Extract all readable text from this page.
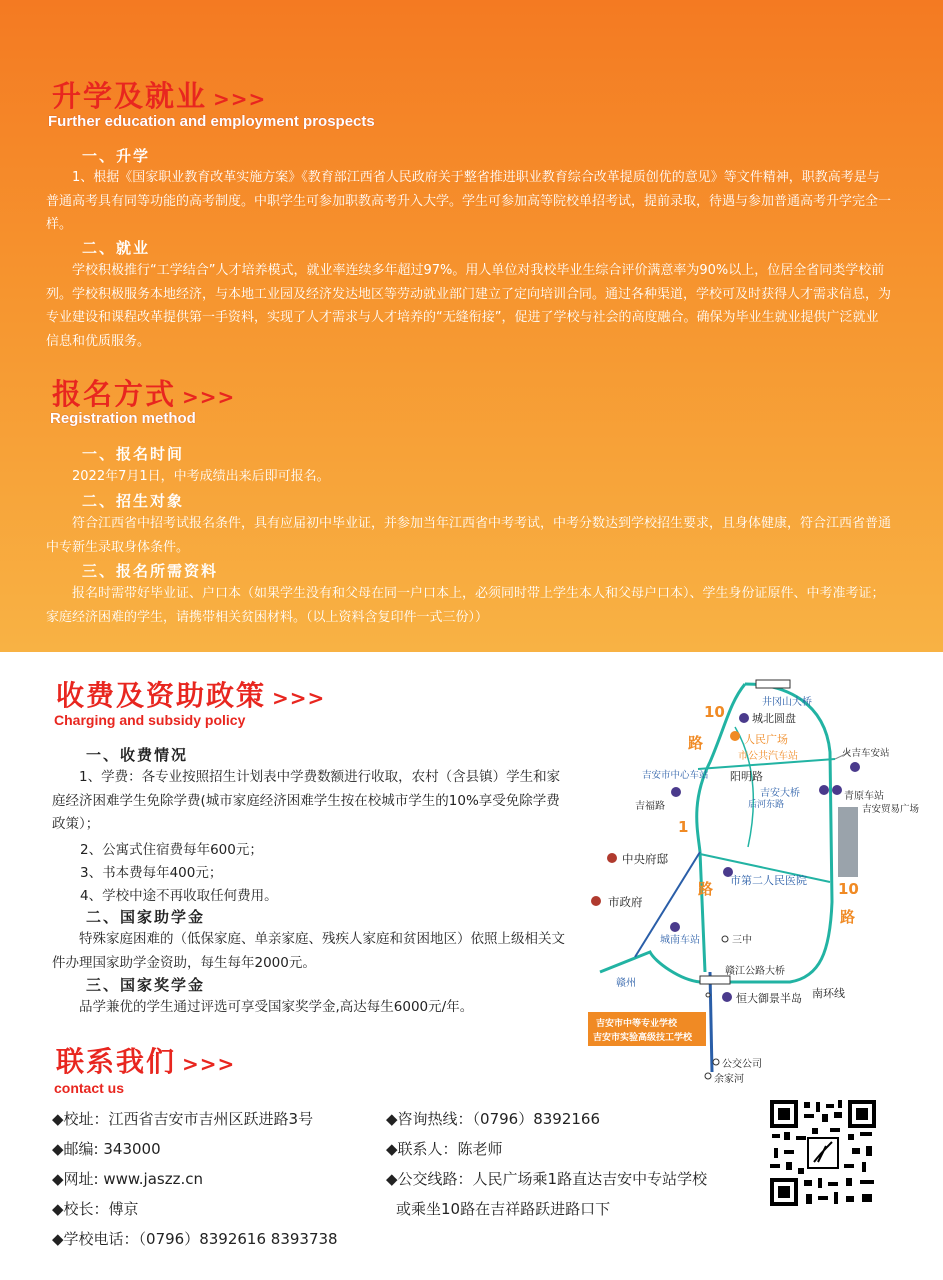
升学及就业 >>>
Further education and employment prospects
一、升学
1、根据《国家职业教育改革实施方案》《教育部江西省人民政府关于整省推进职业教育综合改革提质创优的意见》等文件精神，职教高考是与普通高考具有同等功能的高考制度。中职学生可参加职教高考升入大学。学生可参加高等院校单招考试，提前录取，待遇与参加普通高考升学完全一样。
二、就业
学校积极推行“工学结合”人才培养模式，就业率连续多年超过97%。用人单位对我校毕业生综合评价满意率为90%以上，位居全省同类学校前列。学校积极服务本地经济，与本地工业园及经济发达地区等劳动就业部门建立了定向培训合同。通过各种渠道，学校可及时获得人才需求信息，为专业建设和课程改革提供第一手资料，实现了人才需求与人才培养的“无缝衔接”，促进了学校与社会的高度融合。确保为毕业生就业提供广泛就业信息和优质服务。
报名方式 >>>
Registration method
一、报名时间
2022年7月1日，中考成绩出来后即可报名。
二、招生对象
符合江西省中招考试报名条件，具有应届初中毕业证，并参加当年江西省中考考试，中考分数达到学校招生要求，且身体健康，符合江西省普通中专新生录取身体条件。
三、报名所需资料
报名时需带好毕业证、户口本（如果学生没有和父母在同一户口本上，必须同时带上学生本人和父母户口本）、学生身份证原件、中考准考证；家庭经济困难的学生，请携带相关贫困材料。（以上资料含复印件一式三份））
收费及资助政策 >>>
Charging and subsidy policy
一、收费情况
1、学费：各专业按照招生计划表中学费数额进行收取，农村（含县镇）学生和家庭经济困难学生免除学费(城市家庭经济困难学生按在校城市学生的10%享受免除学费政策）；
2、公寓式住宿费每年600元；
3、书本费每年400元；
4、学校中途不再收取任何费用。
二、国家助学金
特殊家庭困难的（低保家庭、单亲家庭、残疾人家庭和贫困地区）依照上级相关文件办理国家助学金资助，每生每年2000元。
三、国家奖学金
品学兼优的学生通过评选可享受国家奖学金,高达每生6000元/年。
联系我们 >>>
contact us
◆校址：江西省吉安市吉州区跃进路3号
◆邮编: 343000
◆网址: www.jaszz.cn
◆校长：傅京
◆学校电话：（0796）8392616 8393738
◆咨询热线：（0796）8392166
◆联系人：陈老师
◆公交线路：人民广场乘1路直达吉安中专站学校
或乘坐10路在吉祥路跃进路口下
井冈山大桥
城北圆盘
人民广场
市公共汽车站
10
路
吉安市中心车站
吉福路
阳明路
吉安大桥
火吉车安站
青原车站
吉安贸易广场
后河东路
1
中央府邸
市第二人民医院 10
路
市政府
路
城南车站	三中
赣江公路大桥
南环线
赣州
恒大御景半岛
吉安市中等专业学校
吉安市实验高级技工学校
公交公司
余家河
